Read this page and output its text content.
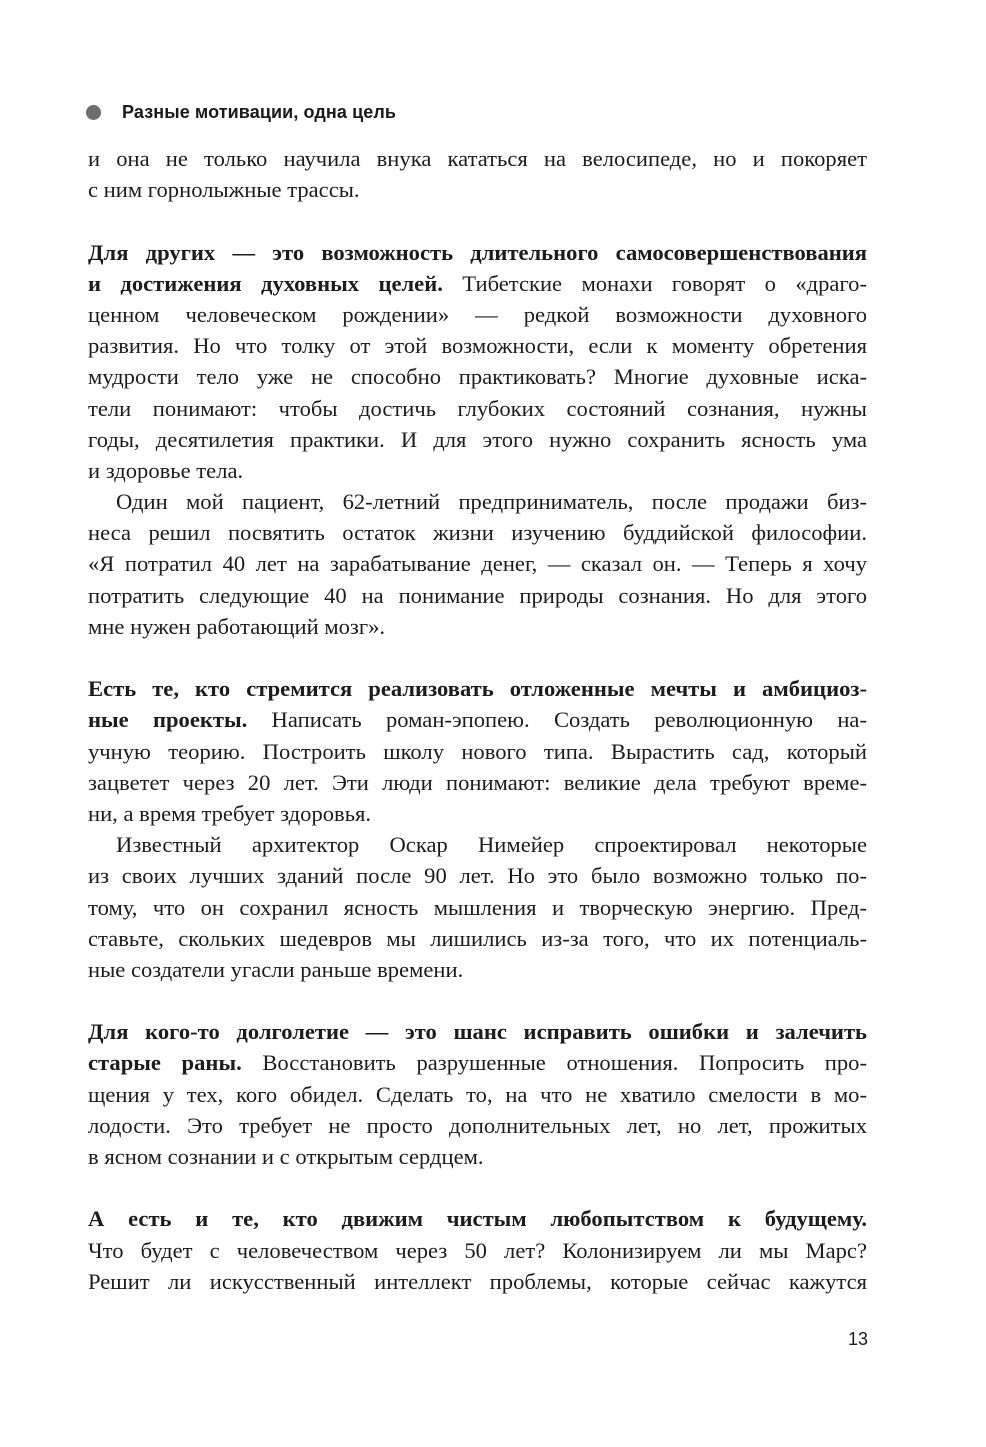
Разные мотивации, одна цель
и она не только научила внука кататься на велосипеде, но и покоряет
с ним горнолыжные трассы.
Для других — это возможность длительного самосовершенствования
и достижения духовных целей. Тибетские монахи говорят о «драго-
ценном человеческом рождении» — редкой возможности духовного
развития. Но что толку от этой возможности, если к моменту обретения
мудрости тело уже не способно практиковать? Многие духовные иска-
тели понимают: чтобы достичь глубоких состояний сознания, нужны
годы, десятилетия практики. И для этого нужно сохранить ясность ума
и здоровье тела.
Один мой пациент, 62-летний предприниматель, после продажи биз-
неса решил посвятить остаток жизни изучению буддийской философии.
«Я потратил 40 лет на зарабатывание денег, — сказал он. — Теперь я хочу
потратить следующие 40 на понимание природы сознания. Но для этого
мне нужен работающий мозг».
Есть те, кто стремится реализовать отложенные мечты и амбициоз-
ные проекты. Написать роман-эпопею. Создать революционную на-
учную теорию. Построить школу нового типа. Вырастить сад, который
зацветет через 20 лет. Эти люди понимают: великие дела требуют време-
ни, а время требует здоровья.
Известный архитектор Оскар Нимейер спроектировал некоторые
из своих лучших зданий после 90 лет. Но это было возможно только по-
тому, что он сохранил ясность мышления и творческую энергию. Пред-
ставьте, скольких шедевров мы лишились из-за того, что их потенциаль-
ные создатели угасли раньше времени.
Для кого-то долголетие — это шанс исправить ошибки и залечить
старые раны. Восстановить разрушенные отношения. Попросить про-
щения у тех, кого обидел. Сделать то, на что не хватило смелости в мо-
лодости. Это требует не просто дополнительных лет, но лет, прожитых
в ясном сознании и с открытым сердцем.
А есть и те, кто движим чистым любопытством к будущему.
Что будет с человечеством через 50 лет? Колонизируем ли мы Марс?
Решит ли искусственный интеллект проблемы, которые сейчас кажутся
13
